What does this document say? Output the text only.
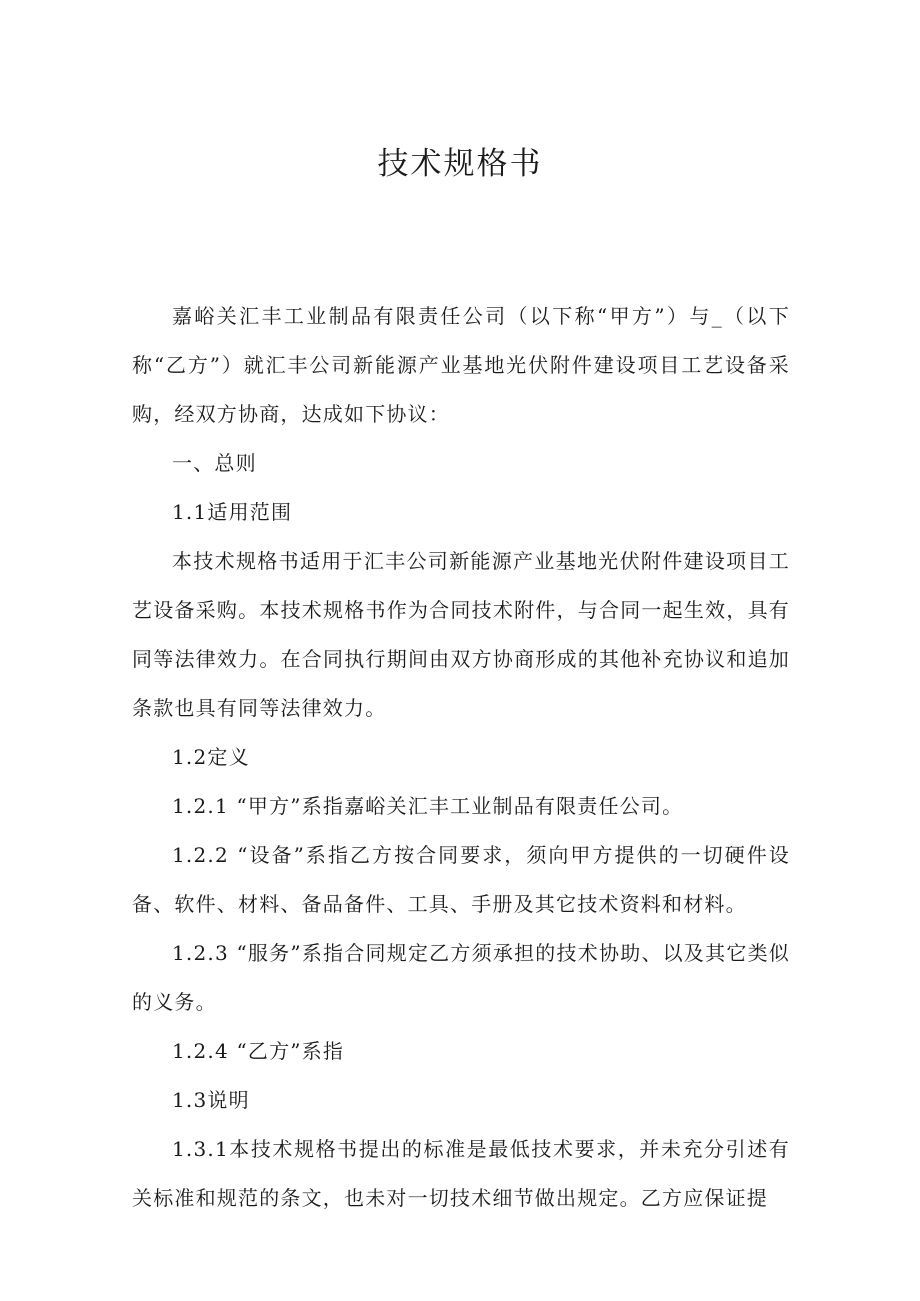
技术规格书

嘉峪关汇丰工业制品有限责任公司（以下称“甲方”）与_（以下称“乙方”）就汇丰公司新能源产业基地光伏附件建设项目工艺设备采购，经双方协商，达成如下协议：

一、总则

1.1适用范围

本技术规格书适用于汇丰公司新能源产业基地光伏附件建设项目工艺设备采购。本技术规格书作为合同技术附件，与合同一起生效，具有同等法律效力。在合同执行期间由双方协商形成的其他补充协议和追加条款也具有同等法律效力。

1.2定义

1.2.1 “甲方”系指嘉峪关汇丰工业制品有限责任公司。

1.2.2 “设备”系指乙方按合同要求，须向甲方提供的一切硬件设备、软件、材料、备品备件、工具、手册及其它技术资料和材料。

1.2.3 “服务”系指合同规定乙方须承担的技术协助、以及其它类似的义务。

1.2.4 “乙方”系指

1.3说明

1.3.1本技术规格书提出的标准是最低技术要求，并未充分引述有关标准和规范的条文，也未对一切技术细节做出规定。乙方应保证提
